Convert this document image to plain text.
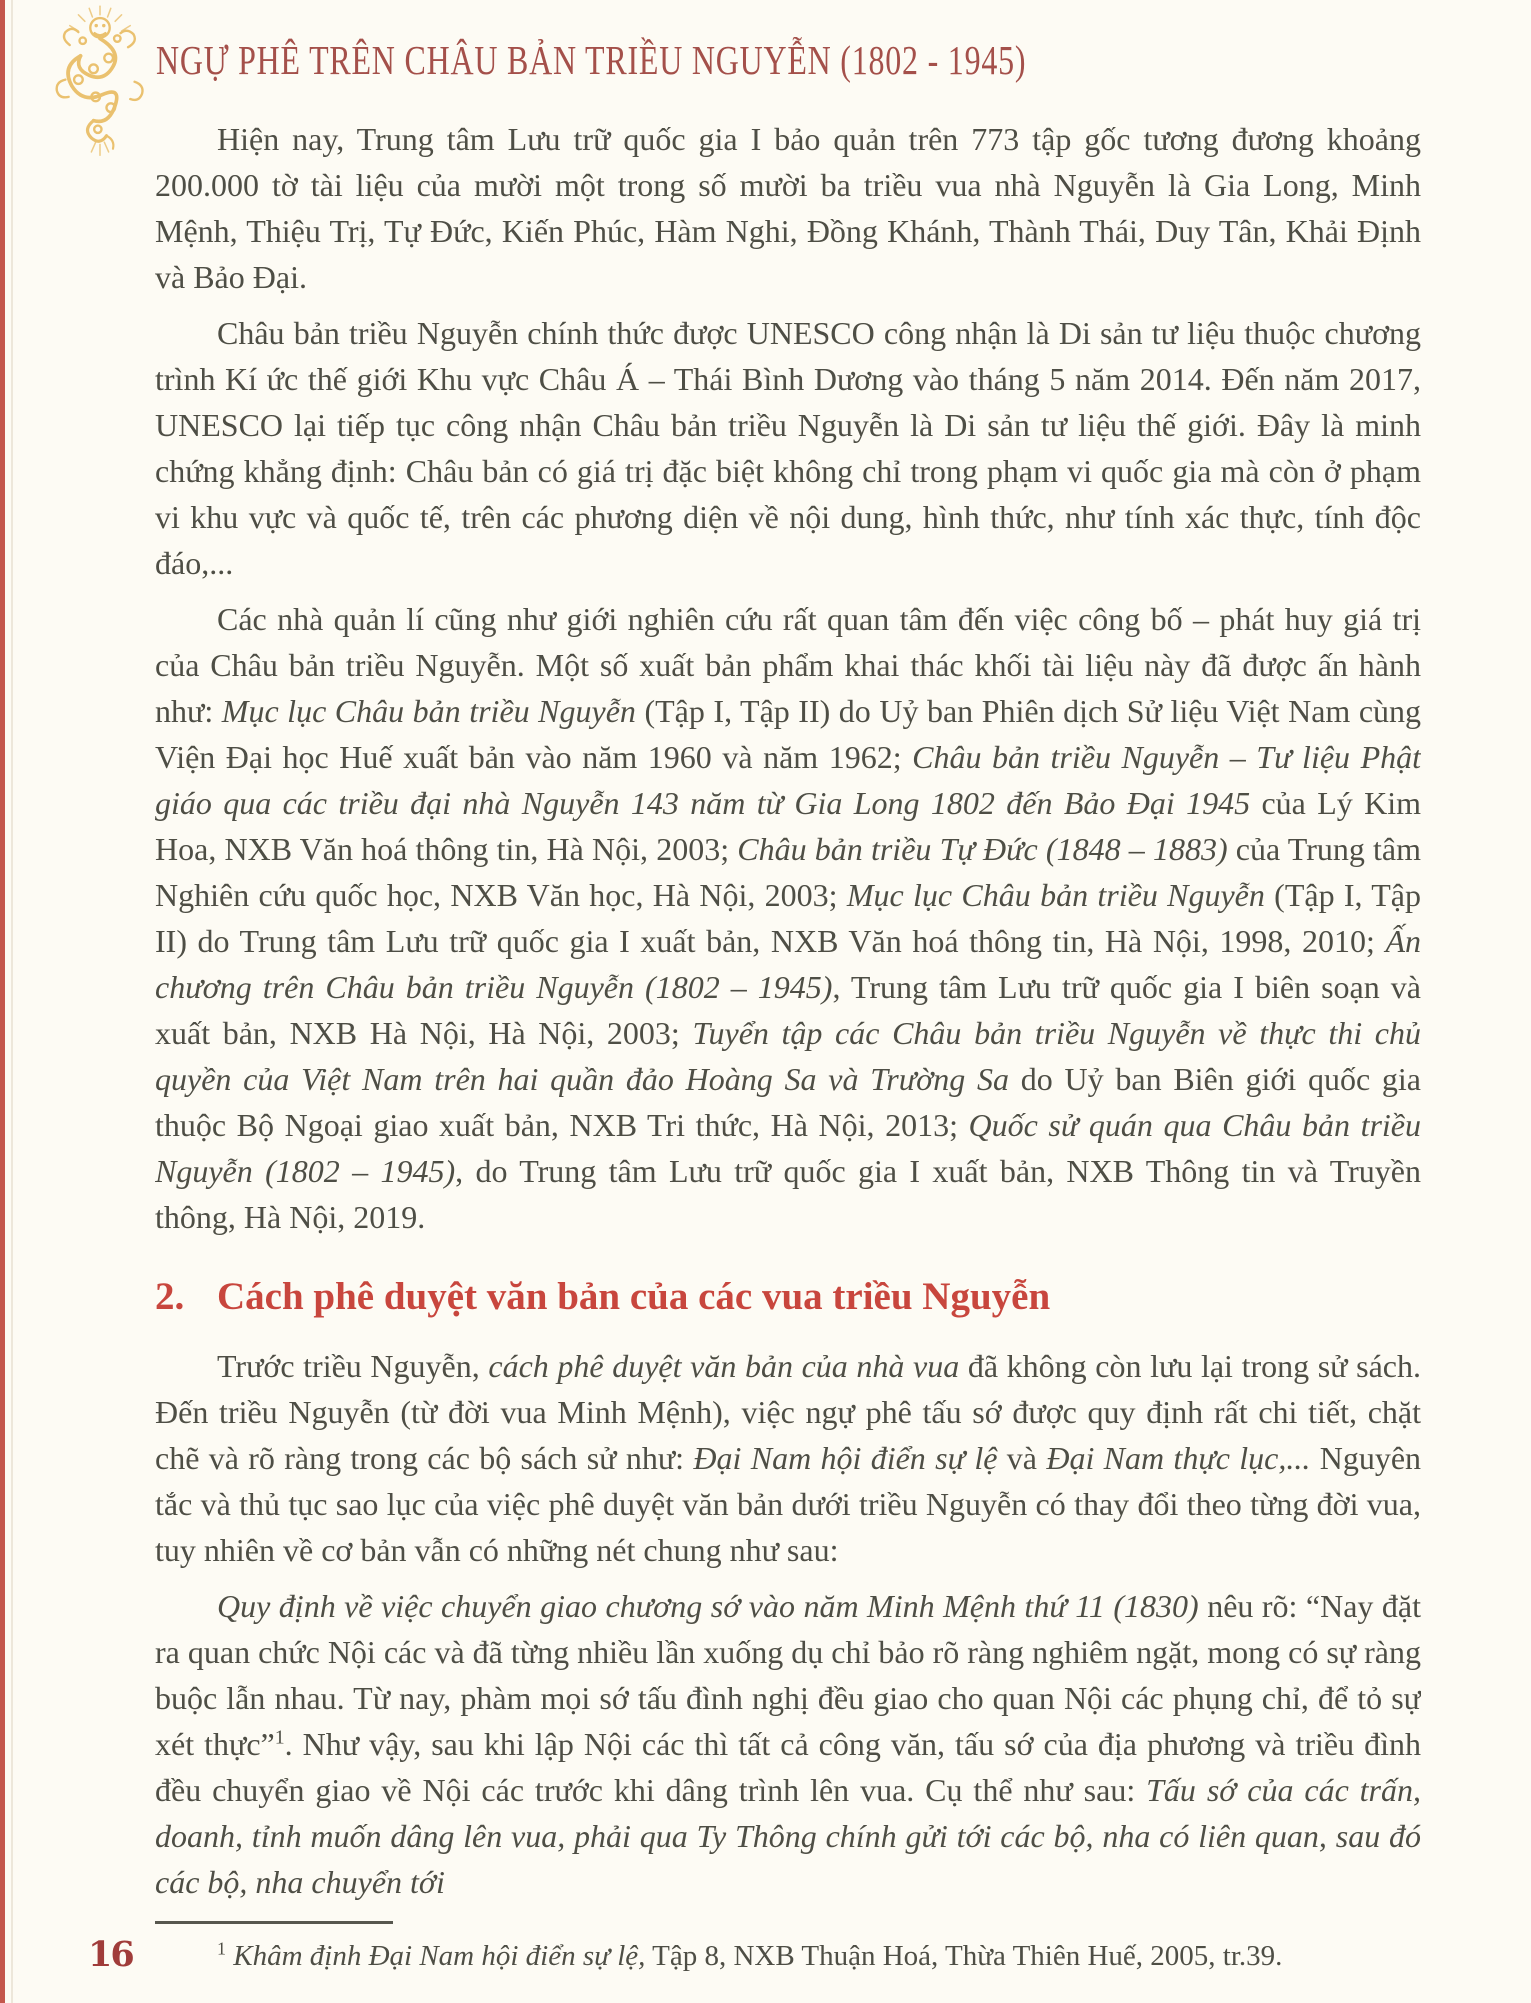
NGỰ PHÊ TRÊN CHÂU BẢN TRIỀU NGUYỄN (1802 - 1945)

Hiện nay, Trung tâm Lưu trữ quốc gia I bảo quản trên 773 tập gốc tương đương khoảng 200.000 tờ tài liệu của mười một trong số mười ba triều vua nhà Nguyễn là Gia Long, Minh Mệnh, Thiệu Trị, Tự Đức, Kiến Phúc, Hàm Nghi, Đồng Khánh, Thành Thái, Duy Tân, Khải Định và Bảo Đại.

Châu bản triều Nguyễn chính thức được UNESCO công nhận là Di sản tư liệu thuộc chương trình Kí ức thế giới Khu vực Châu Á – Thái Bình Dương vào tháng 5 năm 2014. Đến năm 2017, UNESCO lại tiếp tục công nhận Châu bản triều Nguyễn là Di sản tư liệu thế giới. Đây là minh chứng khẳng định: Châu bản có giá trị đặc biệt không chỉ trong phạm vi quốc gia mà còn ở phạm vi khu vực và quốc tế, trên các phương diện về nội dung, hình thức, như tính xác thực, tính độc đáo,...

Các nhà quản lí cũng như giới nghiên cứu rất quan tâm đến việc công bố – phát huy giá trị của Châu bản triều Nguyễn. Một số xuất bản phẩm khai thác khối tài liệu này đã được ấn hành như: Mục lục Châu bản triều Nguyễn (Tập I, Tập II) do Uỷ ban Phiên dịch Sử liệu Việt Nam cùng Viện Đại học Huế xuất bản vào năm 1960 và năm 1962; Châu bản triều Nguyễn – Tư liệu Phật giáo qua các triều đại nhà Nguyễn 143 năm từ Gia Long 1802 đến Bảo Đại 1945 của Lý Kim Hoa, NXB Văn hoá thông tin, Hà Nội, 2003; Châu bản triều Tự Đức (1848 – 1883) của Trung tâm Nghiên cứu quốc học, NXB Văn học, Hà Nội, 2003; Mục lục Châu bản triều Nguyễn (Tập I, Tập II) do Trung tâm Lưu trữ quốc gia I xuất bản, NXB Văn hoá thông tin, Hà Nội, 1998, 2010; Ấn chương trên Châu bản triều Nguyễn (1802 – 1945), Trung tâm Lưu trữ quốc gia I biên soạn và xuất bản, NXB Hà Nội, Hà Nội, 2003; Tuyển tập các Châu bản triều Nguyễn về thực thi chủ quyền của Việt Nam trên hai quần đảo Hoàng Sa và Trường Sa do Uỷ ban Biên giới quốc gia thuộc Bộ Ngoại giao xuất bản, NXB Tri thức, Hà Nội, 2013; Quốc sử quán qua Châu bản triều Nguyễn (1802 – 1945), do Trung tâm Lưu trữ quốc gia I xuất bản, NXB Thông tin và Truyền thông, Hà Nội, 2019.

2. Cách phê duyệt văn bản của các vua triều Nguyễn

Trước triều Nguyễn, cách phê duyệt văn bản của nhà vua đã không còn lưu lại trong sử sách. Đến triều Nguyễn (từ đời vua Minh Mệnh), việc ngự phê tấu sớ được quy định rất chi tiết, chặt chẽ và rõ ràng trong các bộ sách sử như: Đại Nam hội điển sự lệ và Đại Nam thực lục,... Nguyên tắc và thủ tục sao lục của việc phê duyệt văn bản dưới triều Nguyễn có thay đổi theo từng đời vua, tuy nhiên về cơ bản vẫn có những nét chung như sau:

Quy định về việc chuyển giao chương sớ vào năm Minh Mệnh thứ 11 (1830) nêu rõ: “Nay đặt ra quan chức Nội các và đã từng nhiều lần xuống dụ chỉ bảo rõ ràng nghiêm ngặt, mong có sự ràng buộc lẫn nhau. Từ nay, phàm mọi sớ tấu đình nghị đều giao cho quan Nội các phụng chỉ, để tỏ sự xét thực”$^1$. Như vậy, sau khi lập Nội các thì tất cả công văn, tấu sớ của địa phương và triều đình đều chuyển giao về Nội các trước khi dâng trình lên vua. Cụ thể như sau: Tấu sớ của các trấn, doanh, tỉnh muốn dâng lên vua, phải qua Ty Thông chính gửi tới các bộ, nha có liên quan, sau đó các bộ, nha chuyển tới

$^1$ Khâm định Đại Nam hội điển sự lệ, Tập 8, NXB Thuận Hoá, Thừa Thiên Huế, 2005, tr.39.

16
